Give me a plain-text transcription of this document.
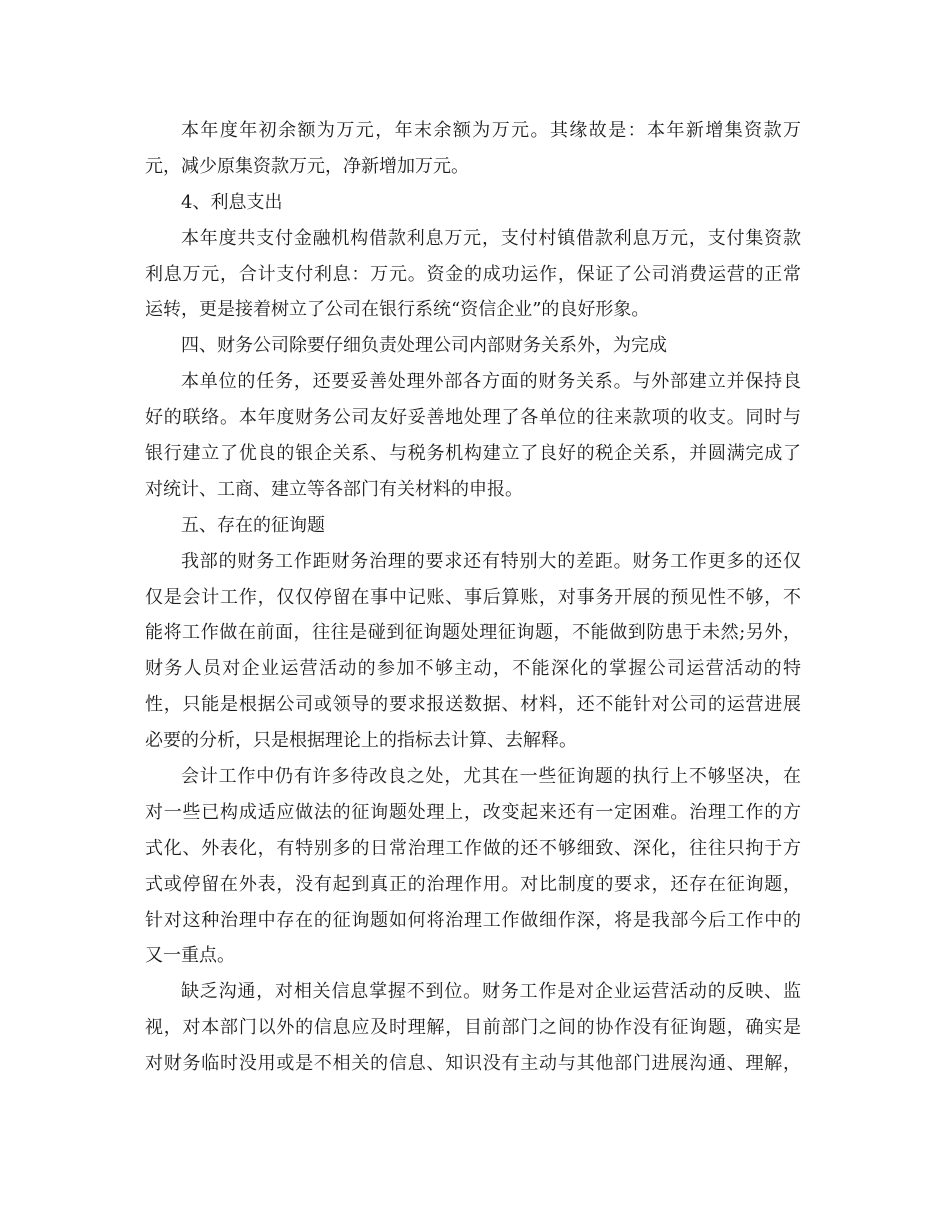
本年度年初余额为万元，年末余额为万元。其缘故是：本年新增集资款万
元，减少原集资款万元，净新增加万元。
4、利息支出
本年度共支付金融机构借款利息万元，支付村镇借款利息万元，支付集资款
利息万元，合计支付利息：万元。资金的成功运作，保证了公司消费运营的正常
运转，更是接着树立了公司在银行系统“资信企业”的良好形象。
四、财务公司除要仔细负责处理公司内部财务关系外，为完成
本单位的任务，还要妥善处理外部各方面的财务关系。与外部建立并保持良
好的联络。本年度财务公司友好妥善地处理了各单位的往来款项的收支。同时与
银行建立了优良的银企关系、与税务机构建立了良好的税企关系，并圆满完成了
对统计、工商、建立等各部门有关材料的申报。
五、存在的征询题
我部的财务工作距财务治理的要求还有特别大的差距。财务工作更多的还仅
仅是会计工作，仅仅停留在事中记账、事后算账，对事务开展的预见性不够，不
能将工作做在前面，往往是碰到征询题处理征询题，不能做到防患于未然;另外，
财务人员对企业运营活动的参加不够主动，不能深化的掌握公司运营活动的特
性，只能是根据公司或领导的要求报送数据、材料，还不能针对公司的运营进展
必要的分析，只是根据理论上的指标去计算、去解释。
会计工作中仍有许多待改良之处，尤其在一些征询题的执行上不够坚决，在
对一些已构成适应做法的征询题处理上，改变起来还有一定困难。治理工作的方
式化、外表化，有特别多的日常治理工作做的还不够细致、深化，往往只拘于方
式或停留在外表，没有起到真正的治理作用。对比制度的要求，还存在征询题，
针对这种治理中存在的征询题如何将治理工作做细作深，将是我部今后工作中的
又一重点。
缺乏沟通，对相关信息掌握不到位。财务工作是对企业运营活动的反映、监
视，对本部门以外的信息应及时理解，目前部门之间的协作没有征询题，确实是
对财务临时没用或是不相关的信息、知识没有主动与其他部门进展沟通、理解，
